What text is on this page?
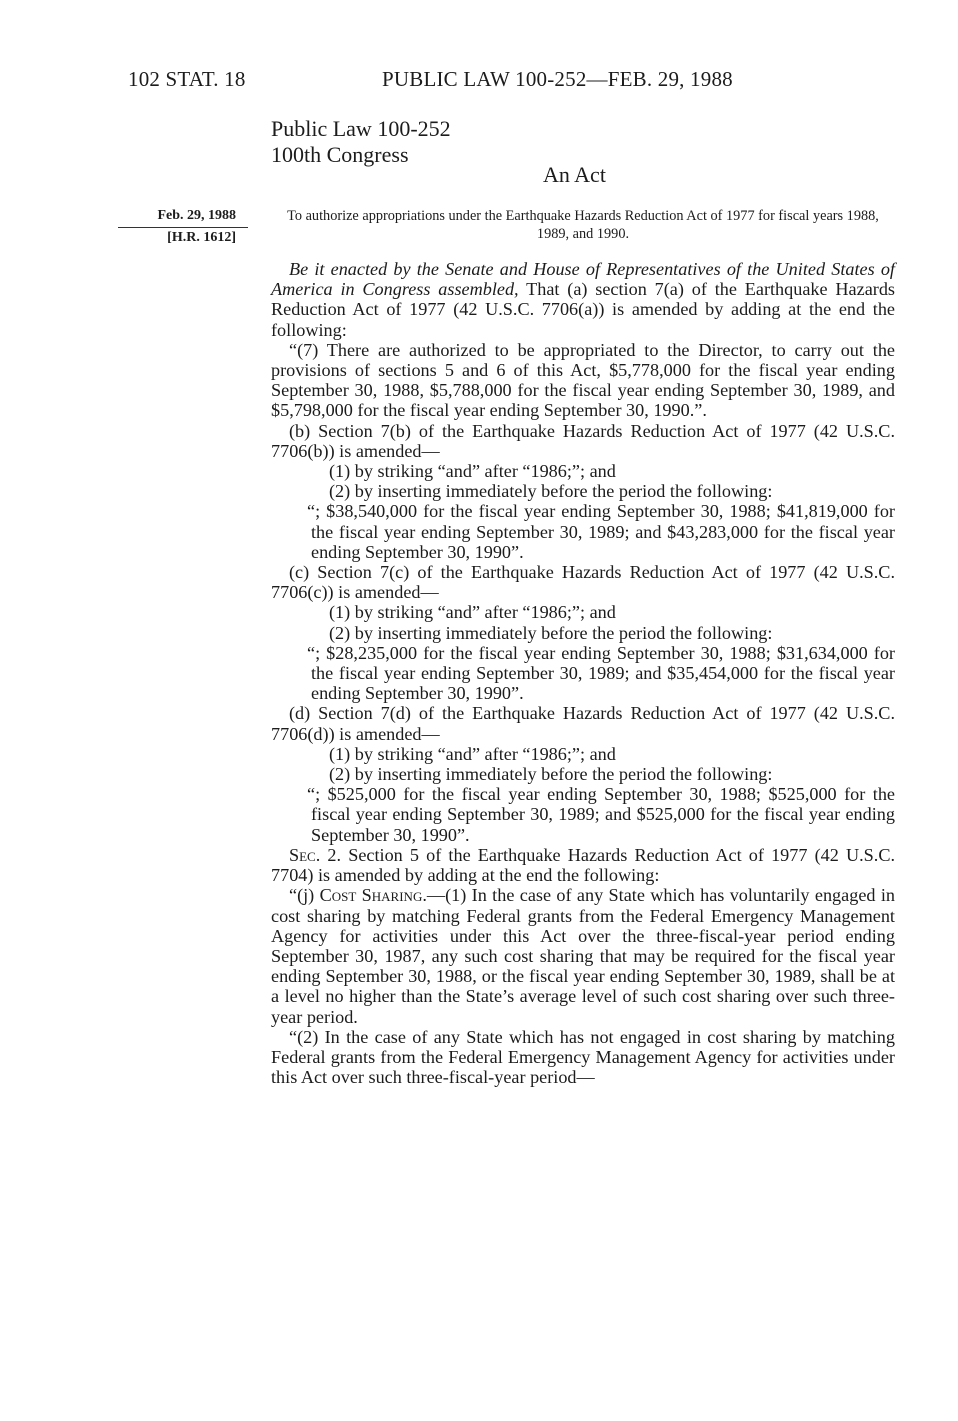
102 STAT. 18	PUBLIC LAW 100-252—FEB. 29, 1988
Public Law 100-252
100th Congress
An Act
Feb. 29, 1988
[H.R. 1612]
To authorize appropriations under the Earthquake Hazards Reduction Act of 1977 for fiscal years 1988, 1989, and 1990.

Be it enacted by the Senate and House of Representatives of the United States of America in Congress assembled, That (a) section 7(a) of the Earthquake Hazards Reduction Act of 1977 (42 U.S.C. 7706(a)) is amended by adding at the end the following:

“(7) There are authorized to be appropriated to the Director, to carry out the provisions of sections 5 and 6 of this Act, $5,778,000 for the fiscal year ending September 30, 1988, $5,788,000 for the fiscal year ending September 30, 1989, and $5,798,000 for the fiscal year ending September 30, 1990.”.

(b) Section 7(b) of the Earthquake Hazards Reduction Act of 1977 (42 U.S.C. 7706(b)) is amended—

(1) by striking “and” after “1986;”; and

(2) by inserting immediately before the period the following:

“; $38,540,000 for the fiscal year ending September 30, 1988; $41,819,000 for the fiscal year ending September 30, 1989; and $43,283,000 for the fiscal year ending September 30, 1990”.

(c) Section 7(c) of the Earthquake Hazards Reduction Act of 1977 (42 U.S.C. 7706(c)) is amended—

(1) by striking “and” after “1986;”; and

(2) by inserting immediately before the period the following:

“; $28,235,000 for the fiscal year ending September 30, 1988; $31,634,000 for the fiscal year ending September 30, 1989; and $35,454,000 for the fiscal year ending September 30, 1990”.

(d) Section 7(d) of the Earthquake Hazards Reduction Act of 1977 (42 U.S.C. 7706(d)) is amended—

(1) by striking “and” after “1986;”; and

(2) by inserting immediately before the period the following:

“; $525,000 for the fiscal year ending September 30, 1988; $525,000 for the fiscal year ending September 30, 1989; and $525,000 for the fiscal year ending September 30, 1990”.

Sec. 2. Section 5 of the Earthquake Hazards Reduction Act of 1977 (42 U.S.C. 7704) is amended by adding at the end the following:

“(j) Cost Sharing.—(1) In the case of any State which has voluntarily engaged in cost sharing by matching Federal grants from the Federal Emergency Management Agency for activities under this Act over the three-fiscal-year period ending September 30, 1987, any such cost sharing that may be required for the fiscal year ending September 30, 1988, or the fiscal year ending September 30, 1989, shall be at a level no higher than the State’s average level of such cost sharing over such three-year period.

“(2) In the case of any State which has not engaged in cost sharing by matching Federal grants from the Federal Emergency Management Agency for activities under this Act over such three-fiscal-year period—
